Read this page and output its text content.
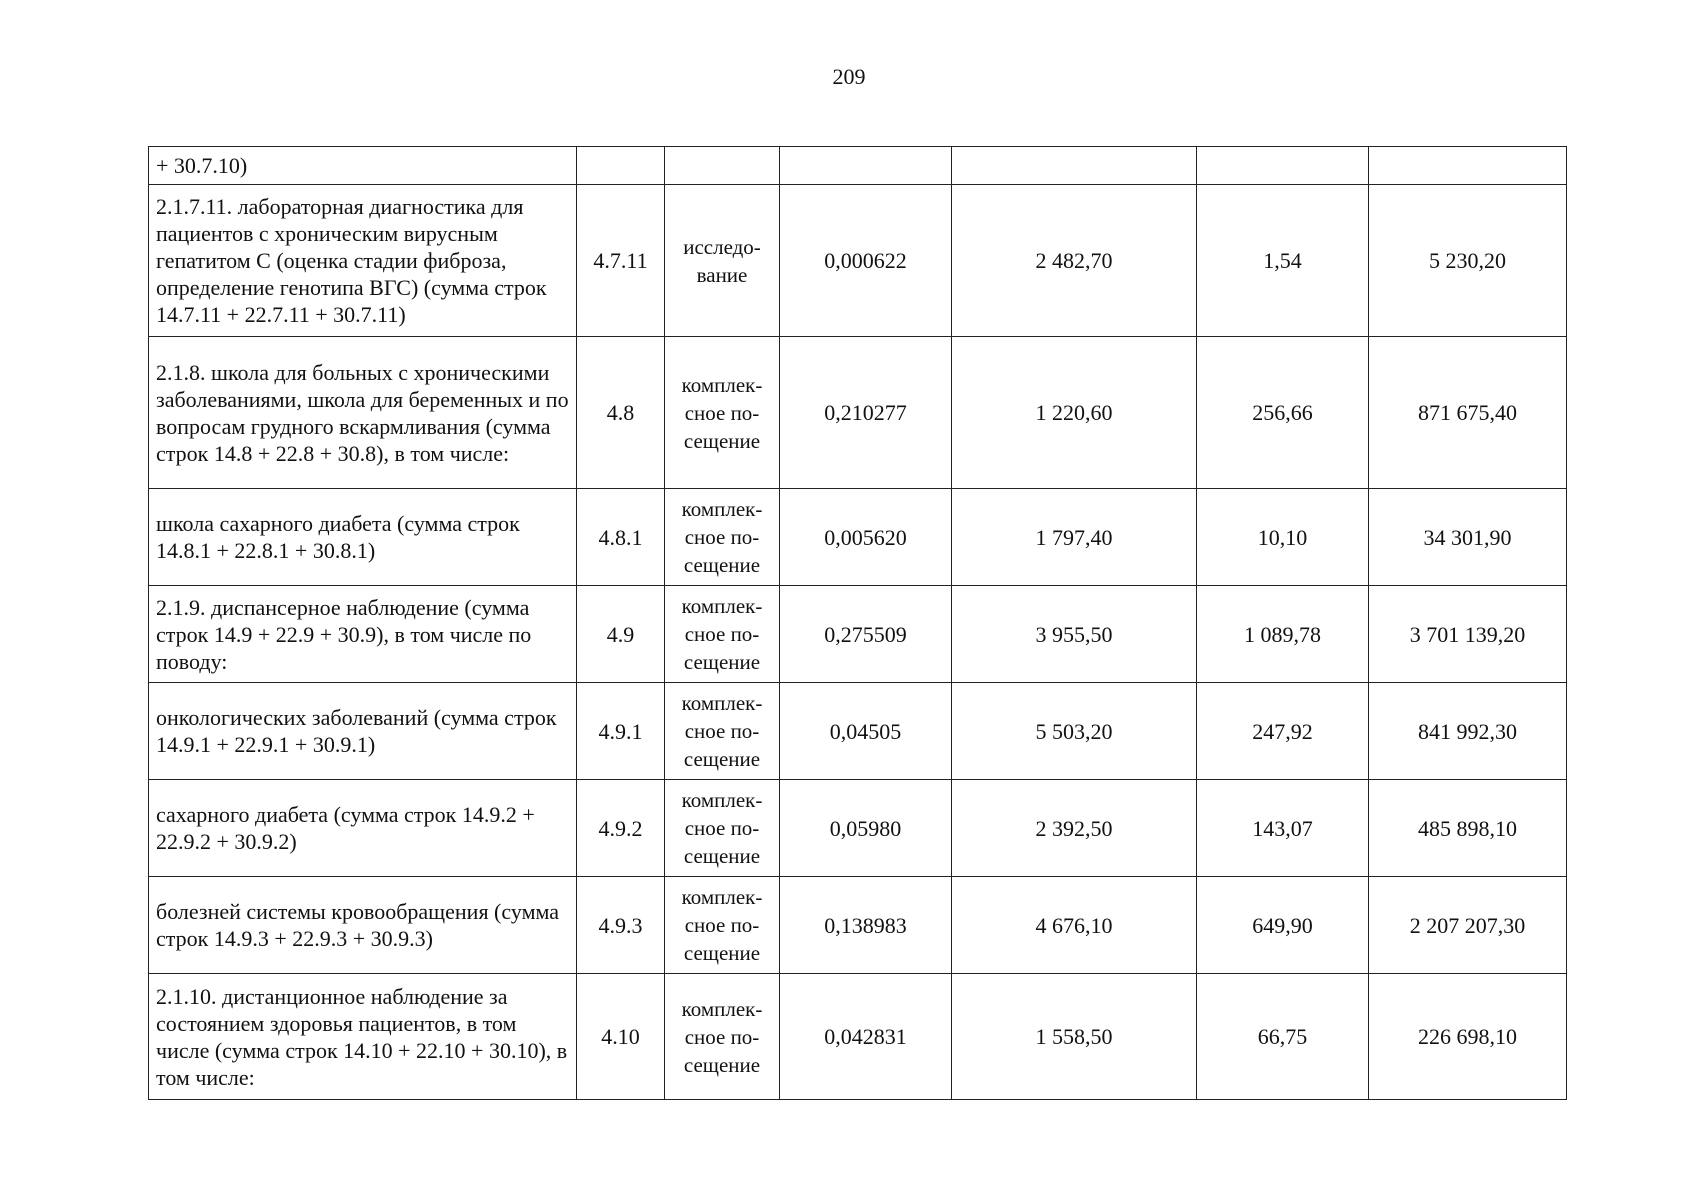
209
+ 30.7.10)						
2.1.7.11. лабораторная диагностика для пациентов с хроническим вирусным гепатитом С (оценка стадии фиброза, определение генотипа ВГС) (сумма строк 14.7.11 + 22.7.11 + 30.7.11)	4.7.11	исследо-вание	0,000622	2 482,70	1,54	5 230,20
2.1.8. школа для больных с хроническими заболеваниями, школа для беременных и по вопросам грудного вскармливания (сумма строк 14.8 + 22.8 + 30.8), в том числе:	4.8	комплек-сное по-сещение	0,210277	1 220,60	256,66	871 675,40
школа сахарного диабета (сумма строк 14.8.1 + 22.8.1 + 30.8.1)	4.8.1	комплек-сное по-сещение	0,005620	1 797,40	10,10	34 301,90
2.1.9. диспансерное наблюдение (сумма строк 14.9 + 22.9 + 30.9), в том числе по поводу:	4.9	комплек-сное по-сещение	0,275509	3 955,50	1 089,78	3 701 139,20
онкологических заболеваний (сумма строк 14.9.1 + 22.9.1 + 30.9.1)	4.9.1	комплек-сное по-сещение	0,04505	5 503,20	247,92	841 992,30
сахарного диабета (сумма строк 14.9.2 + 22.9.2 + 30.9.2)	4.9.2	комплек-сное по-сещение	0,05980	2 392,50	143,07	485 898,10
болезней системы кровообращения (сумма строк 14.9.3 + 22.9.3 + 30.9.3)	4.9.3	комплек-сное по-сещение	0,138983	4 676,10	649,90	2 207 207,30
2.1.10. дистанционное наблюдение за состоянием здоровья пациентов, в том числе (сумма строк 14.10 + 22.10 + 30.10), в том числе:	4.10	комплек-сное по-сещение	0,042831	1 558,50	66,75	226 698,10
